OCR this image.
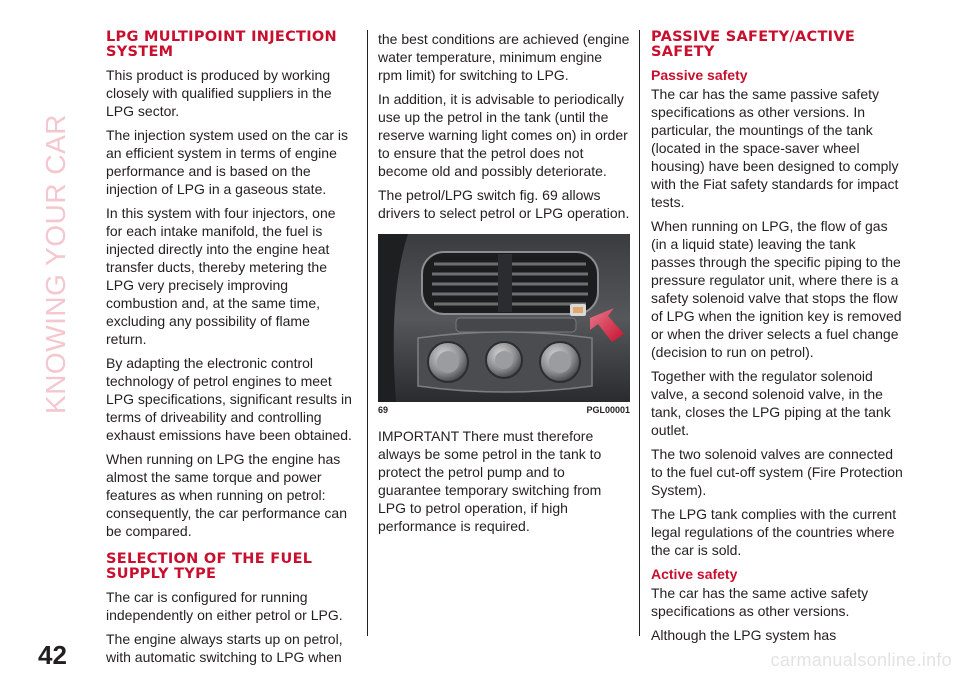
KNOWING YOUR CAR
LPG MULTIPOINT INJECTION SYSTEM

This product is produced by working closely with qualified suppliers in the LPG sector.

The injection system used on the car is an efficient system in terms of engine performance and is based on the injection of LPG in a gaseous state.

In this system with four injectors, one for each intake manifold, the fuel is injected directly into the engine heat transfer ducts, thereby metering the LPG very precisely improving combustion and, at the same time, excluding any possibility of flame return.

By adapting the electronic control technology of petrol engines to meet LPG specifications, significant results in terms of driveability and controlling exhaust emissions have been obtained.

When running on LPG the engine has almost the same torque and power features as when running on petrol: consequently, the car performance can be compared.

SELECTION OF THE FUEL SUPPLY TYPE

The car is configured for running independently on either petrol or LPG.

The engine always starts up on petrol, with automatic switching to LPG when

the best conditions are achieved (engine water temperature, minimum engine rpm limit) for switching to LPG.

In addition, it is advisable to periodically use up the petrol in the tank (until the reserve warning light comes on) in order to ensure that the petrol does not become old and possibly deteriorate.

The petrol/LPG switch fig. 69 allows drivers to select petrol or LPG operation.

69	PGL00001

IMPORTANT There must therefore always be some petrol in the tank to protect the petrol pump and to guarantee temporary switching from LPG to petrol operation, if high performance is required.

PASSIVE SAFETY/ACTIVE SAFETY
Passive safety

The car has the same passive safety specifications as other versions. In particular, the mountings of the tank (located in the space-saver wheel housing) have been designed to comply with the Fiat safety standards for impact tests.

When running on LPG, the flow of gas (in a liquid state) leaving the tank passes through the specific piping to the pressure regulator unit, where there is a safety solenoid valve that stops the flow of LPG when the ignition key is removed or when the driver selects a fuel change (decision to run on petrol).

Together with the regulator solenoid valve, a second solenoid valve, in the tank, closes the LPG piping at the tank outlet.

The two solenoid valves are connected to the fuel cut-off system (Fire Protection System).

The LPG tank complies with the current legal regulations of the countries where the car is sold.

Active safety

The car has the same active safety specifications as other versions.

Although the LPG system has

42	carmanualsonline.info
